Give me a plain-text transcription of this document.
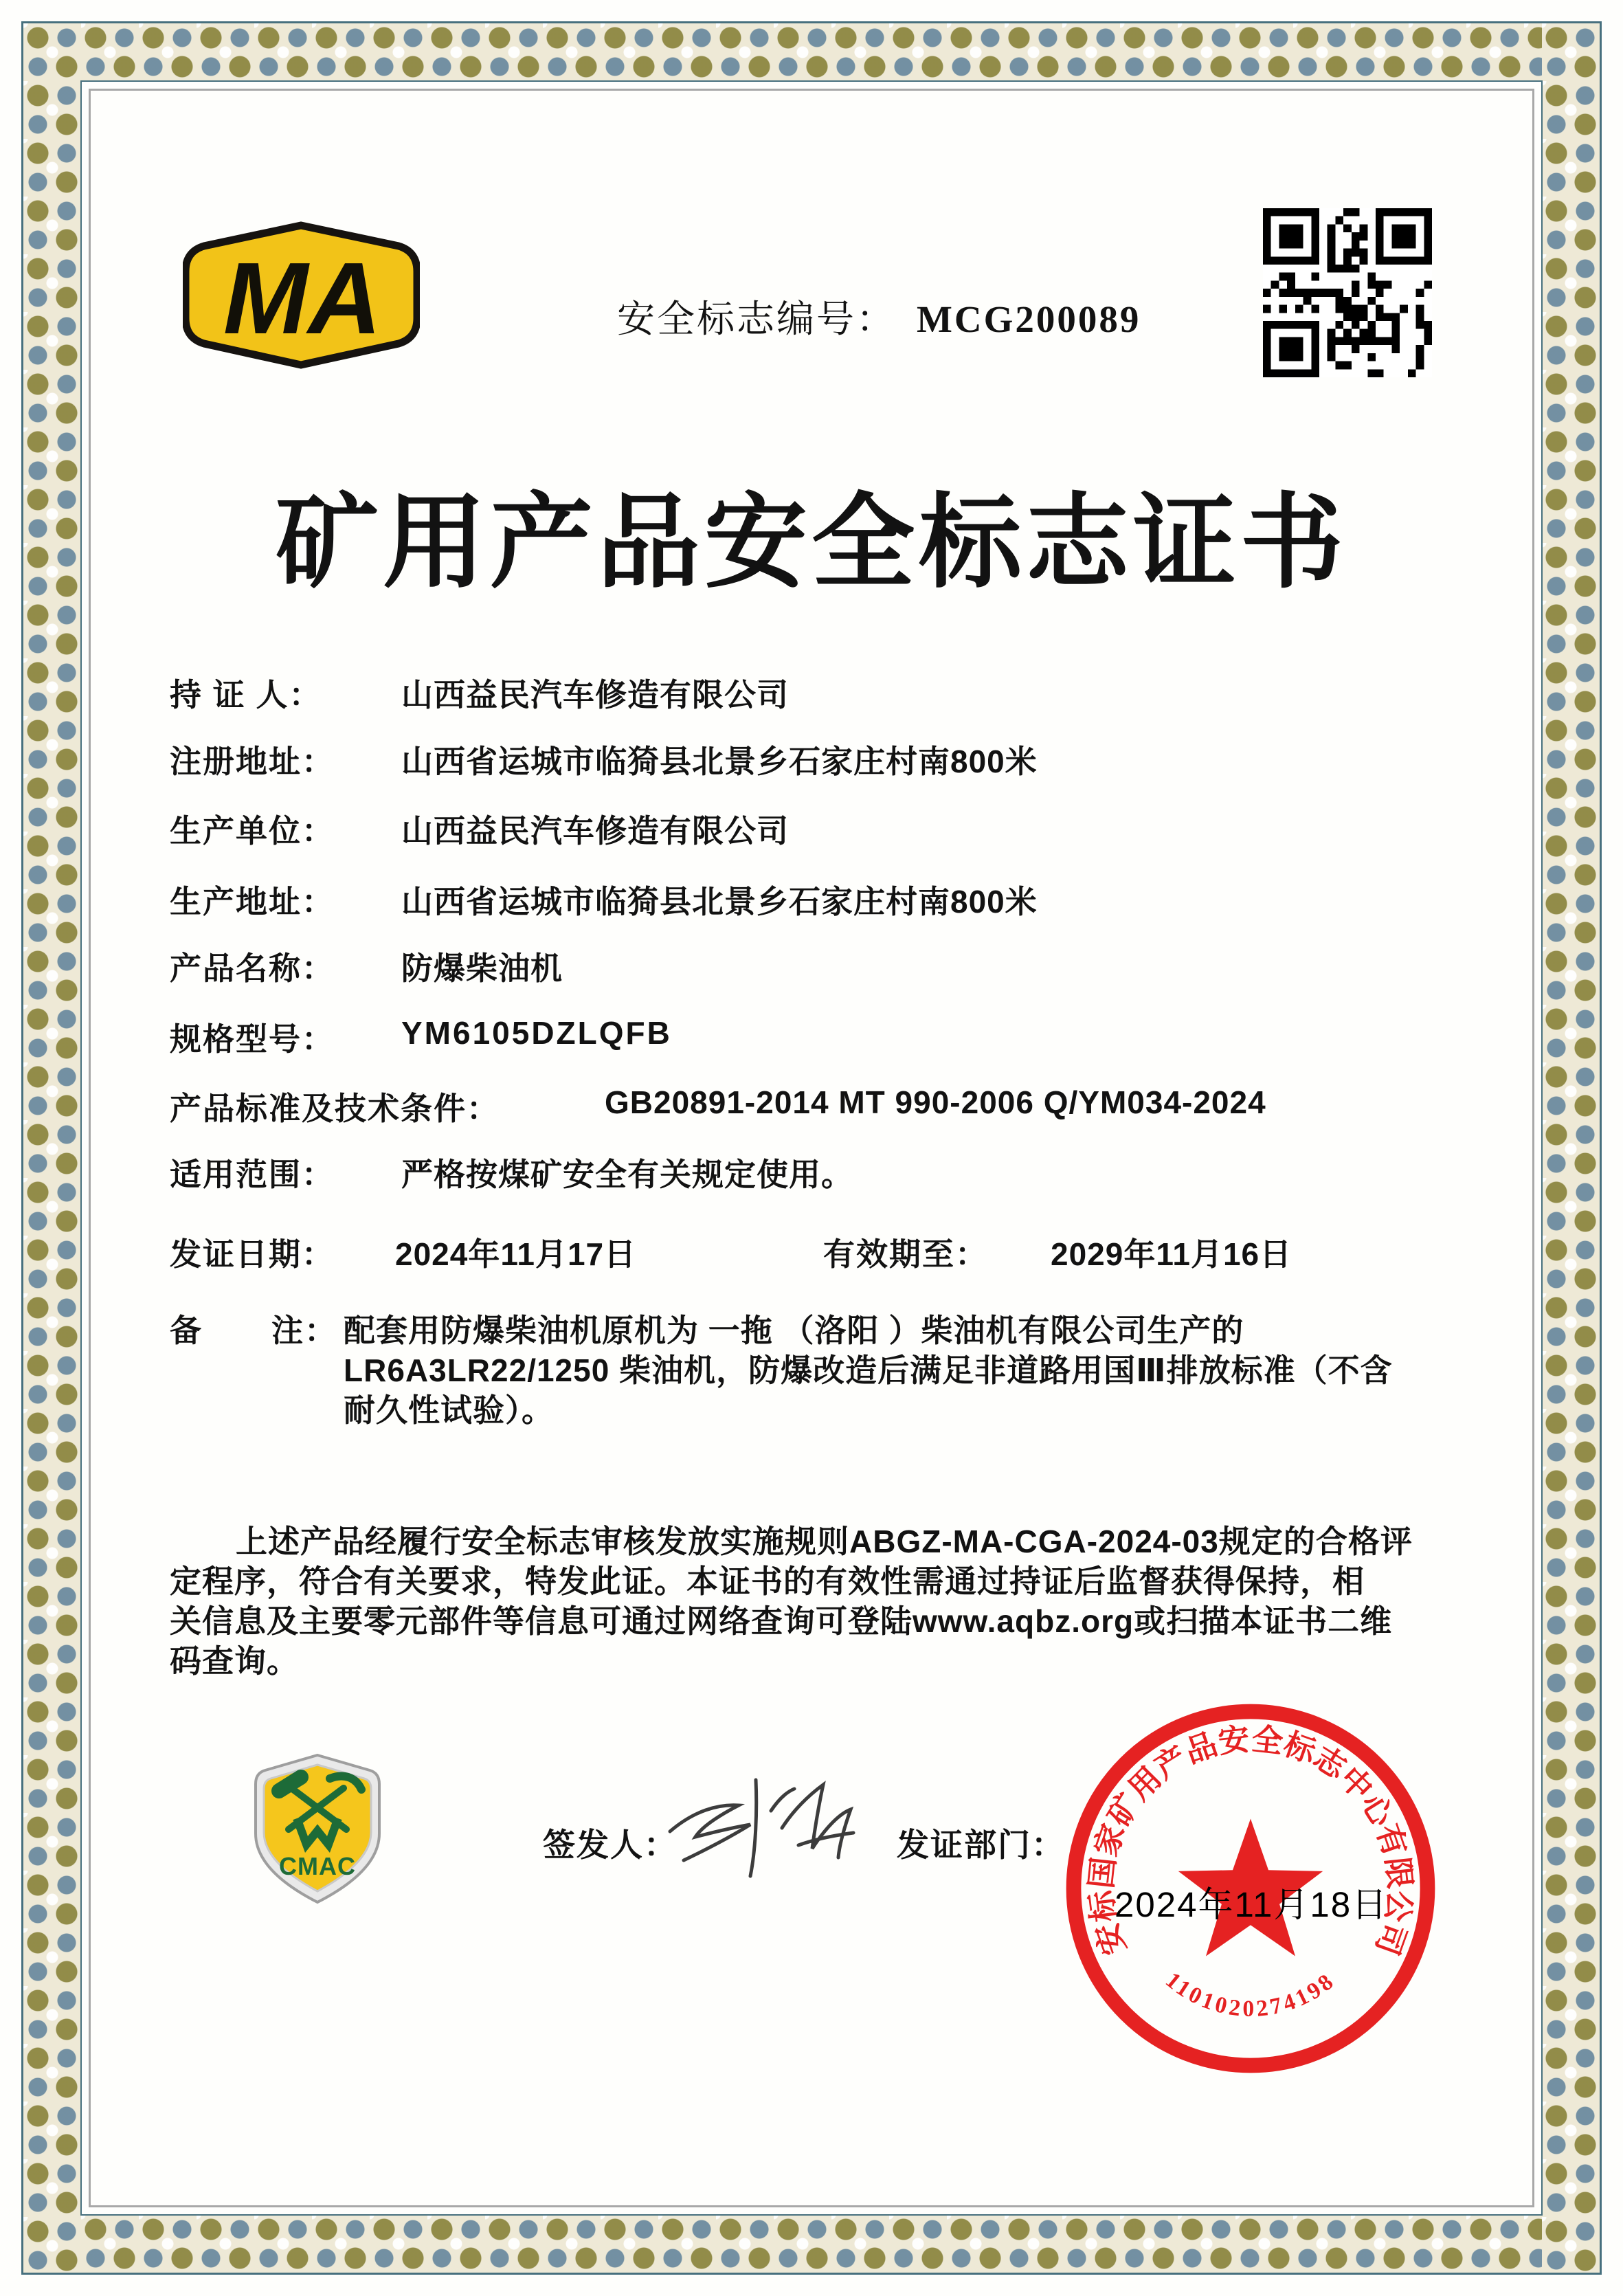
MA	安全标志编号： MCG200089
矿用产品安全标志证书
持 证 人：	山西益民汽车修造有限公司
注册地址： 山西省运城市临猗县北景乡石家庄村南800米
生产单位： 山西益民汽车修造有限公司
生产地址： 山西省运城市临猗县北景乡石家庄村南800米
产品名称： 防爆柴油机
规格型号： YM6105DZLQFB
产品标准及技术条件：	GB20891-2014 MT 990-2006 Q/YM034-2024
适用范围： 严格按煤矿安全有关规定使用。
发证日期： 2024年11月17日	有效期至： 2029年11月16日
备 注： 配套用防爆柴油机原机为 一拖 （洛阳 ）柴油机有限公司生产的
LR6A3LR22/1250 柴油机，防爆改造后满足非道路用国Ⅲ排放标准（不含
耐久性试验）。
上述产品经履行安全标志审核发放实施规则ABGZ-MA-CGA-2024-03规定的合格评
定程序，符合有关要求，特发此证。本证书的有效性需通过持证后监督获得保持，相
关信息及主要零元部件等信息可通过网络查询可登陆www.aqbz.org或扫描本证书二维
码查询。
CMAC
签发人：	发证部门：
安标国家矿用产品安全标志中心有限公司
1101020274198
2024年11月18日
